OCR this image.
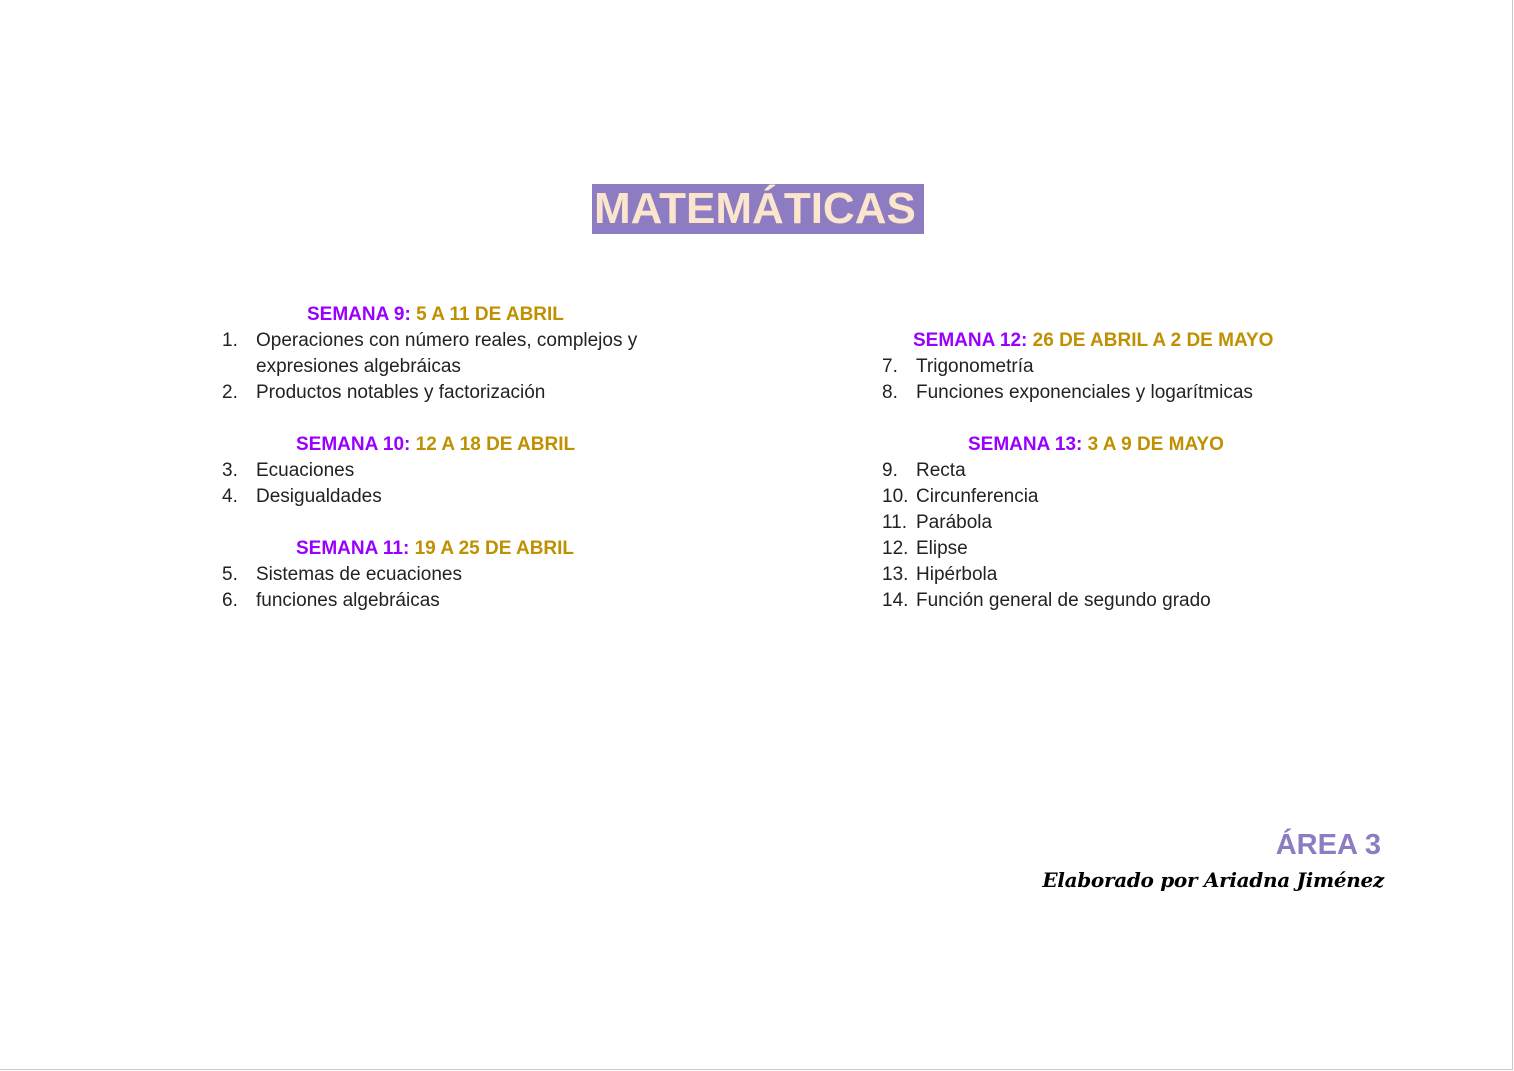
MATEMÁTICAS
SEMANA 9: 5 A 11 DE ABRIL
1. Operaciones con número reales, complejos y expresiones algebráicas
2. Productos notables y factorización
SEMANA 10: 12 A 18 DE ABRIL
3. Ecuaciones
4. Desigualdades
SEMANA 11: 19 A 25 DE ABRIL
5. Sistemas de ecuaciones
6. funciones algebráicas
SEMANA 12: 26 DE ABRIL A 2 DE MAYO
7. Trigonometría
8. Funciones exponenciales y logarítmicas
SEMANA 13: 3 A 9 DE MAYO
9. Recta
10. Circunferencia
11. Parábola
12. Elipse
13. Hipérbola
14. Función general de segundo grado
ÁREA 3
Elaborado por Ariadna Jiménez
